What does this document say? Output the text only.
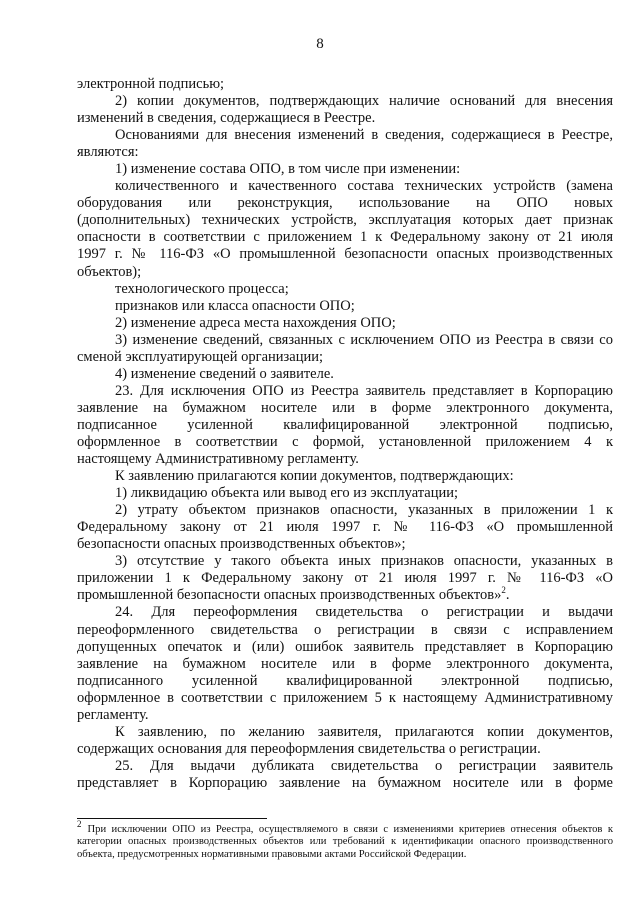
8
электронной подписью;
2) копии документов, подтверждающих наличие оснований для внесения
изменений в сведения, содержащиеся в Реестре.
Основаниями для внесения изменений в сведения, содержащиеся в Реестре,
являются:
1) изменение состава ОПО, в том числе при изменении:
количественного и качественного состава технических устройств (замена
оборудования или реконструкция, использование на ОПО новых
(дополнительных) технических устройств, эксплуатация которых дает признак
опасности в соответствии с приложением 1 к Федеральному закону от 21 июля
1997 г. № 116-ФЗ «О промышленной безопасности опасных производственных
объектов);
технологического процесса;
признаков или класса опасности ОПО;
2) изменение адреса места нахождения ОПО;
3) изменение сведений, связанных с исключением ОПО из Реестра в связи со
сменой эксплуатирующей организации;
4) изменение сведений о заявителе.
23. Для исключения ОПО из Реестра заявитель представляет в Корпорацию
заявление на бумажном носителе или в форме электронного документа,
подписанное усиленной квалифицированной электронной подписью,
оформленное в соответствии с формой, установленной приложением 4 к
настоящему Административному регламенту.
К заявлению прилагаются копии документов, подтверждающих:
1) ликвидацию объекта или вывод его из эксплуатации;
2) утрату объектом признаков опасности, указанных в приложении 1 к
Федеральному закону от 21 июля 1997 г. № 116-ФЗ «О промышленной
безопасности опасных производственных объектов»;
3) отсутствие у такого объекта иных признаков опасности, указанных в
приложении 1 к Федеральному закону от 21 июля 1997 г. № 116-ФЗ «О
промышленной безопасности опасных производственных объектов»$^2$.
24. Для переоформления свидетельства о регистрации и выдачи
переоформленного свидетельства о регистрации в связи с исправлением
допущенных опечаток и (или) ошибок заявитель представляет в Корпорацию
заявление на бумажном носителе или в форме электронного документа,
подписанного усиленной квалифицированной электронной подписью,
оформленное в соответствии с приложением 5 к настоящему Административному
регламенту.
К заявлению, по желанию заявителя, прилагаются копии документов,
содержащих основания для переоформления свидетельства о регистрации.
25. Для выдачи дубликата свидетельства о регистрации заявитель
представляет в Корпорацию заявление на бумажном носителе или в форме
$^2$ При исключении ОПО из Реестра, осуществляемого в связи с изменениями критериев отнесения объектов к
категории опасных производственных объектов или требований к идентификации опасного производственного
объекта, предусмотренных нормативными правовыми актами Российской Федерации.
